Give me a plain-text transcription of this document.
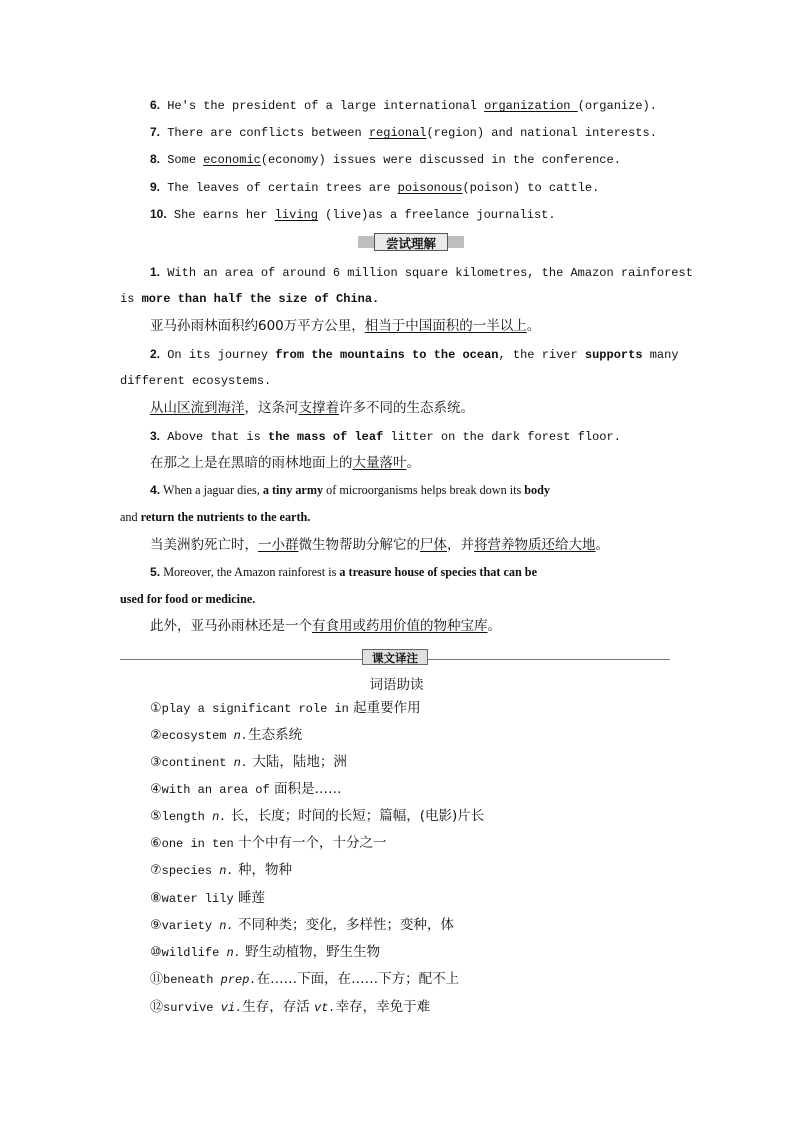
6. He's the president of a large international organization (organize).
7. There are conflicts between regional(region) and national interests.
8. Some economic(economy) issues were discussed in the conference.
9. The leaves of certain trees are poisonous(poison) to cattle.
10. She earns her living (live)as a freelance journalist.
尝试理解
1. With an area of around 6 million square kilometres, the Amazon rainforest
is more than half the size of China.
亚马孙雨林面积约600万平方公里，相当于中国面积的一半以上。
2. On its journey from the mountains to the ocean, the river supports many
different ecosystems.
从山区流到海洋，这条河支撑着许多不同的生态系统。
3. Above that is the mass of leaf litter on the dark forest floor.
在那之上是在黑暗的雨林地面上的大量落叶。
4. When a jaguar dies, a tiny army of microorganisms helps break down its body
and return the nutrients to the earth.
当美洲豹死亡时，一小群微生物帮助分解它的尸体，并将营养物质还给大地。
5. Moreover, the Amazon rainforest is a treasure house of species that can be
used for food or medicine.
此外，亚马孙雨林还是一个有食用或药用价值的物种宝库。
课文译注
词语助读
①play a significant role in 起重要作用
②ecosystem n.生态系统
③continent n. 大陆，陆地；洲
④with an area of 面积是……
⑤length n. 长，长度；时间的长短；篇幅，(电影)片长
⑥one in ten 十个中有一个，十分之一
⑦species n. 种，物种
⑧water lily 睡莲
⑨variety n. 不同种类；变化，多样性；变种，体
⑩wildlife n. 野生动植物，野生生物
⑪beneath prep.在……下面，在……下方；配不上
⑫survive vi.生存，存活 vt.幸存，幸免于难
